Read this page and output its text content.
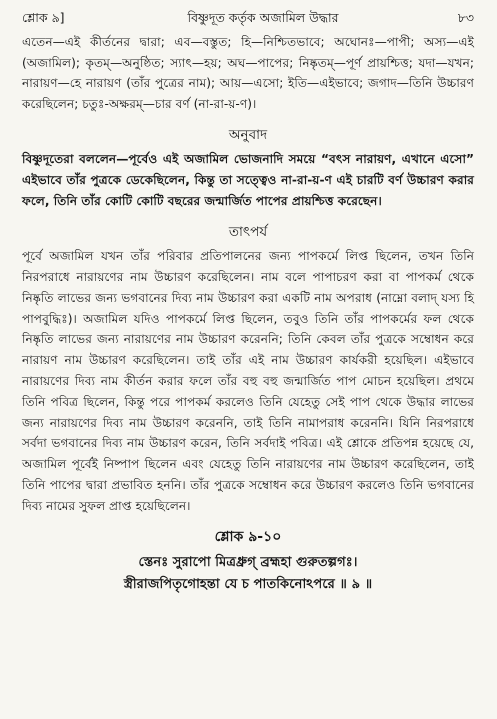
শ্লোক ৯]	বিষ্ণুদূত কর্তৃক অজামিল উদ্ধার	৮৩

এতেন—এই কীর্তনের দ্বারা; এব—বস্তুত; হি—নিশ্চিতভাবে; অঘোনঃ—পাপী; অস্য—এই (অজামিল); কৃতম্—অনুষ্ঠিত; স্যাৎ—হয়; অঘ—পাপের; নিষ্কৃতম্—পূর্ণ প্রায়শ্চিত্ত; যদা—যখন; নারায়ণ—হে নারায়ণ (তাঁর পুত্রের নাম); আয়—এসো; ইতি—এইভাবে; জগাদ—তিনি উচ্চারণ করেছিলেন; চতুঃ-অক্ষরম্—চার বর্ণ (না-রা-য়-ণ)।

অনুবাদ

বিষ্ণুদূতেরা বললেন—পূর্বেও এই অজামিল ভোজনাদি সময়ে “বৎস নারায়ণ, এখানে এসো” এইভাবে তাঁর পুত্রকে ডেকেছিলেন, কিন্তু তা সত্ত্বেও না-রা-য়-ণ এই চারটি বর্ণ উচ্চারণ করার ফলে, তিনি তাঁর কোটি কোটি বছরের জন্মার্জিত পাপের প্রায়শ্চিত্ত করেছেন।

তাৎপর্য

পূর্বে অজামিল যখন তাঁর পরিবার প্রতিপালনের জন্য পাপকর্মে লিপ্ত ছিলেন, তখন তিনি নিরপরাধে নারায়ণের নাম উচ্চারণ করেছিলেন। নাম বলে পাপাচরণ করা বা পাপকর্ম থেকে নিষ্কৃতি লাভের জন্য ভগবানের দিব্য নাম উচ্চারণ করা একটি নাম অপরাধ (নাম্নো বলাদ্ যস্য হি পাপবুদ্ধিঃ)। অজামিল যদিও পাপকর্মে লিপ্ত ছিলেন, তবুও তিনি তাঁর পাপকর্মের ফল থেকে নিষ্কৃতি লাভের জন্য নারায়ণের নাম উচ্চারণ করেননি; তিনি কেবল তাঁর পুত্রকে সম্বোধন করে নারায়ণ নাম উচ্চারণ করেছিলেন। তাই তাঁর এই নাম উচ্চারণ কার্যকরী হয়েছিল। এইভাবে নারায়ণের দিব্য নাম কীর্তন করার ফলে তাঁর বহু বহু জন্মার্জিত পাপ মোচন হয়েছিল। প্রথমে তিনি পবিত্র ছিলেন, কিন্তু পরে পাপকর্ম করলেও তিনি যেহেতু সেই পাপ থেকে উদ্ধার লাভের জন্য নারায়ণের দিব্য নাম উচ্চারণ করেননি, তাই তিনি নামাপরাধ করেননি। যিনি নিরপরাধে সর্বদা ভগবানের দিব্য নাম উচ্চারণ করেন, তিনি সর্বদাই পবিত্র। এই শ্লোকে প্রতিপন্ন হয়েছে যে, অজামিল পূর্বেই নিষ্পাপ ছিলেন এবং যেহেতু তিনি নারায়ণের নাম উচ্চারণ করেছিলেন, তাই তিনি পাপের দ্বারা প্রভাবিত হননি। তাঁর পুত্রকে সম্বোধন করে উচ্চারণ করলেও তিনি ভগবানের দিব্য নামের সুফল প্রাপ্ত হয়েছিলেন।

শ্লোক ৯-১০

স্তেনঃ সুরাপো মিত্রধ্রুগ্ ব্রহ্মহা গুরুতল্পগঃ।

স্ত্রীরাজপিতৃগোহন্তা যে চ পাতকিনোঽপরে ॥ ৯ ॥
